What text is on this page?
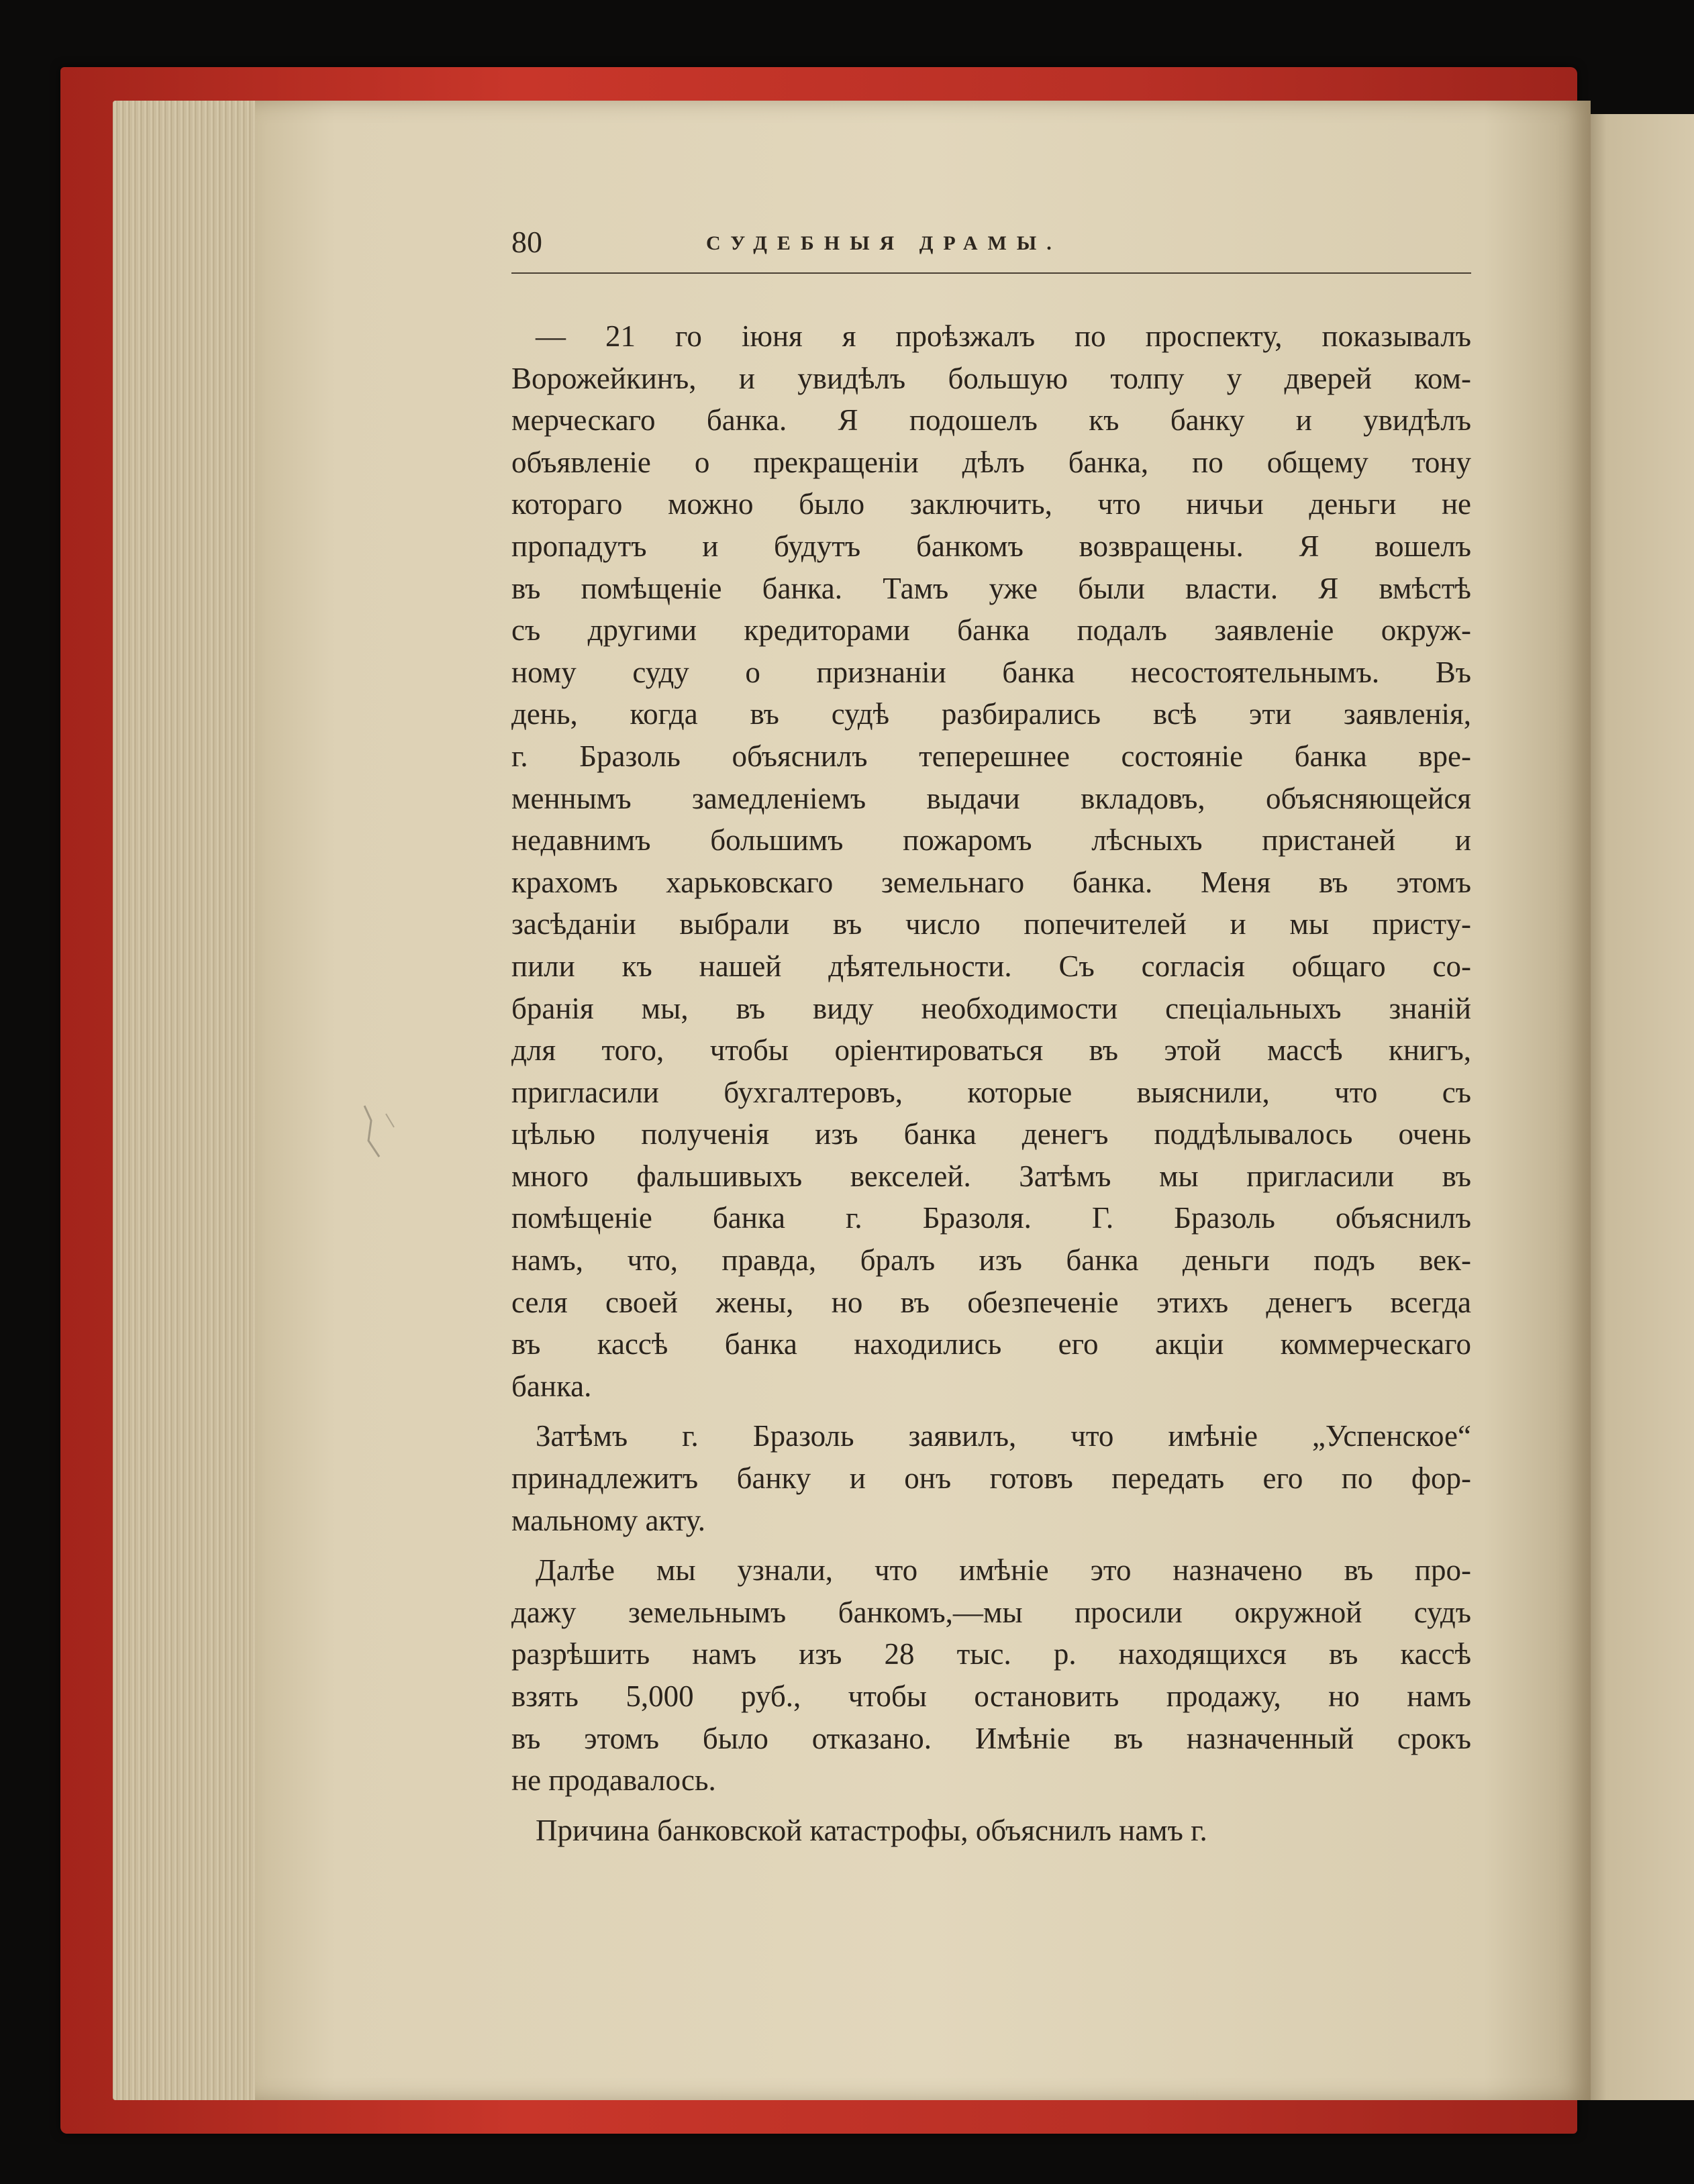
80	СУДЕБНЫЯ ДРАМЫ.
— 21 го іюня я проѣзжалъ по проспекту, показывалъ
Ворожейкинъ, и увидѣлъ большую толпу у дверей ком-
мерческаго банка. Я подошелъ къ банку и увидѣлъ
объявленіе о прекращеніи дѣлъ банка, по общему тону
котораго можно было заключить, что ничьи деньги не
пропадутъ и будутъ банкомъ возвращены. Я вошелъ
въ помѣщеніе банка. Тамъ уже были власти. Я вмѣстѣ
съ другими кредиторами банка подалъ заявленіе окруж-
ному суду о признаніи банка несостоятельнымъ. Въ
день, когда въ судѣ разбирались всѣ эти заявленія,
г. Бразоль объяснилъ теперешнее состояніе банка вре-
меннымъ замедленіемъ выдачи вкладовъ, объясняющейся
недавнимъ большимъ пожаромъ лѣсныхъ пристаней и
крахомъ харьковскаго земельнаго банка. Меня въ этомъ
засѣданіи выбрали въ число попечителей и мы присту-
пили къ нашей дѣятельности. Съ согласія общаго со-
бранія мы, въ виду необходимости спеціальныхъ знаній
для того, чтобы оріентироваться въ этой массѣ книгъ,
пригласили бухгалтеровъ, которые выяснили, что съ
цѣлью полученія изъ банка денегъ поддѣлывалось очень
много фальшивыхъ векселей. Затѣмъ мы пригласили въ
помѣщеніе банка г. Бразоля. Г. Бразоль объяснилъ
намъ, что, правда, бралъ изъ банка деньги подъ век-
селя своей жены, но въ обезпеченіе этихъ денегъ всегда
въ кассѣ банка находились его акціи коммерческаго
банка.
Затѣмъ г. Бразоль заявилъ, что имѣніе „Успенское“
принадлежитъ банку и онъ готовъ передать его по фор-
мальному акту.
Далѣе мы узнали, что имѣніе это назначено въ про-
дажу земельнымъ банкомъ,—мы просили окружной судъ
разрѣшить намъ изъ 28 тыс. р. находящихся въ кассѣ
взять 5,000 руб., чтобы остановить продажу, но намъ
въ этомъ было отказано. Имѣніе въ назначенный срокъ
не продавалось.
Причина банковской катастрофы, объяснилъ намъ г.
